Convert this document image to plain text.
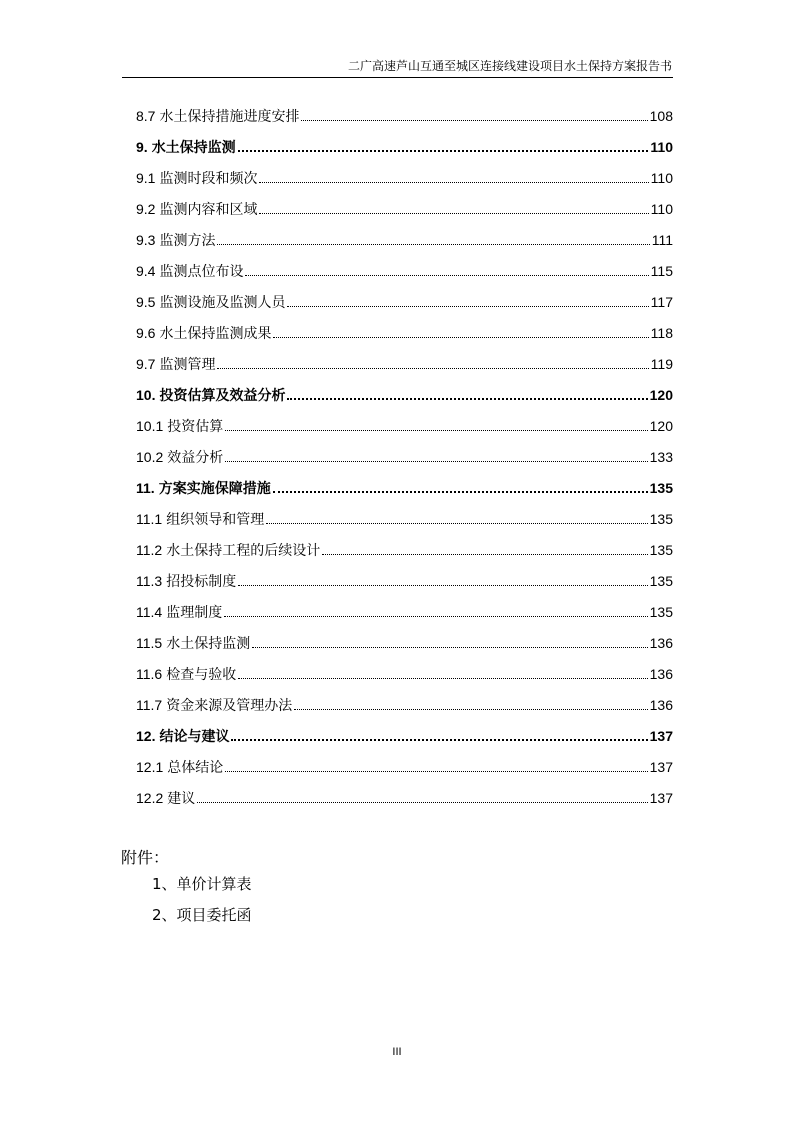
二广高速芦山互通至城区连接线建设项目水土保持方案报告书
8.7 水土保持措施进度安排	108
9. 水土保持监测	110
9.1 监测时段和频次	110
9.2 监测内容和区域	110
9.3 监测方法	111
9.4 监测点位布设	115
9.5 监测设施及监测人员	117
9.6 水土保持监测成果	118
9.7 监测管理	119
10. 投资估算及效益分析	120
10.1 投资估算	120
10.2 效益分析	133
11. 方案实施保障措施	135
11.1 组织领导和管理	135
11.2 水土保持工程的后续设计	135
11.3 招投标制度	135
11.4 监理制度	135
11.5 水土保持监测	136
11.6 检查与验收	136
11.7 资金来源及管理办法	136
12. 结论与建议	137
12.1 总体结论	137
12.2 建议	137
附件：
1、单价计算表
2、项目委托函
III
